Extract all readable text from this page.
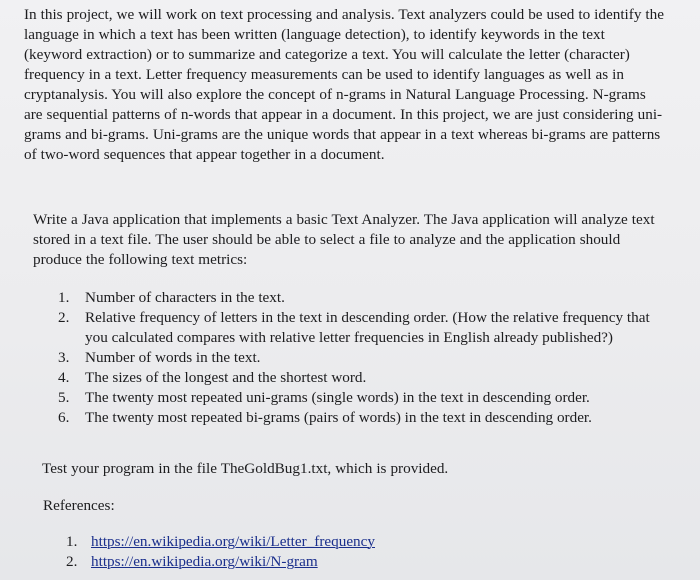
In this project, we will work on text processing and analysis. Text analyzers could be used to identify the language in which a text has been written (language detection), to identify keywords in the text (keyword extraction) or to summarize and categorize a text. You will calculate the letter (character) frequency in a text. Letter frequency measurements can be used to identify languages as well as in cryptanalysis. You will also explore the concept of n-grams in Natural Language Processing. N-grams are sequential patterns of n-words that appear in a document. In this project, we are just considering uni-grams and bi-grams. Uni-grams are the unique words that appear in a text whereas bi-grams are patterns of two-word sequences that appear together in a document.

Write a Java application that implements a basic Text Analyzer. The Java application will analyze text stored in a text file. The user should be able to select a file to analyze and the application should produce the following text metrics:

1. Number of characters in the text.
2. Relative frequency of letters in the text in descending order. (How the relative frequency that you calculated compares with relative letter frequencies in English already published?)
3. Number of words in the text.
4. The sizes of the longest and the shortest word.
5. The twenty most repeated uni-grams (single words) in the text in descending order.
6. The twenty most repeated bi-grams (pairs of words) in the text in descending order.

Test your program in the file TheGoldBug1.txt, which is provided.

References:

1. https://en.wikipedia.org/wiki/Letter_frequency
2. https://en.wikipedia.org/wiki/N-gram
